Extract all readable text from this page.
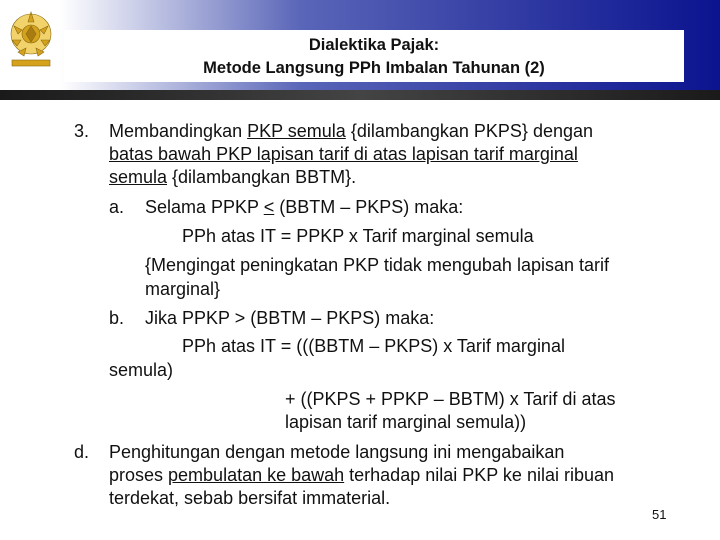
Dialektika Pajak:
Metode Langsung PPh Imbalan Tahunan (2)
3. Membandingkan PKP semula {dilambangkan PKPS} dengan
batas bawah PKP lapisan tarif di atas lapisan tarif marginal
semula {dilambangkan BBTM}.
a. Selama PPKP < (BBTM – PKPS) maka:
PPh atas IT = PPKP x Tarif marginal semula
{Mengingat peningkatan PKP tidak mengubah lapisan tarif
marginal}
b. Jika PPKP > (BBTM – PKPS) maka:
PPh atas IT = (((BBTM – PKPS) x Tarif marginal
semula)
+ ((PKPS + PPKP – BBTM) x Tarif di atas
lapisan tarif marginal semula))
d. Penghitungan dengan metode langsung ini mengabaikan
proses pembulatan ke bawah terhadap nilai PKP ke nilai ribuan
terdekat, sebab bersifat immaterial.
51
